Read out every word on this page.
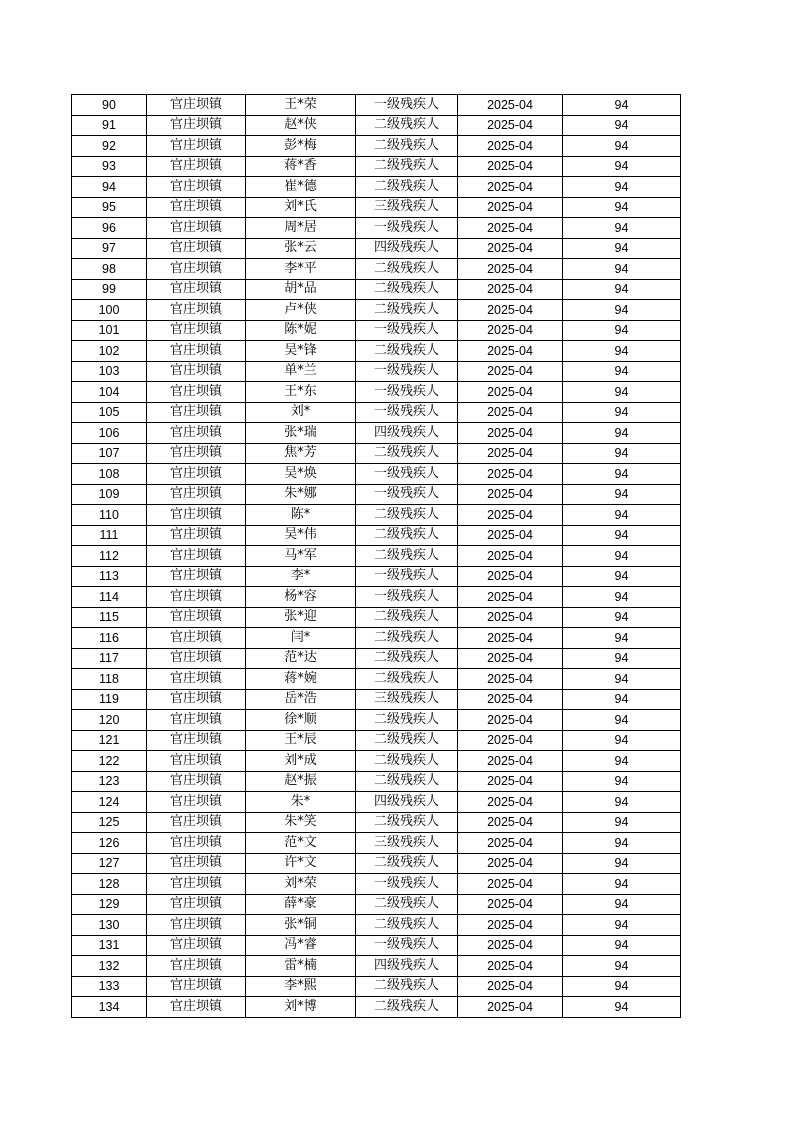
90	官庄坝镇	王*荣	一级残疾人	2025-04	94
91	官庄坝镇	赵*侠	二级残疾人	2025-04	94
92	官庄坝镇	彭*梅	二级残疾人	2025-04	94
93	官庄坝镇	蒋*香	二级残疾人	2025-04	94
94	官庄坝镇	崔*德	二级残疾人	2025-04	94
95	官庄坝镇	刘*氏	三级残疾人	2025-04	94
96	官庄坝镇	周*居	一级残疾人	2025-04	94
97	官庄坝镇	张*云	四级残疾人	2025-04	94
98	官庄坝镇	李*平	二级残疾人	2025-04	94
99	官庄坝镇	胡*品	二级残疾人	2025-04	94
100	官庄坝镇	卢*侠	二级残疾人	2025-04	94
101	官庄坝镇	陈*妮	一级残疾人	2025-04	94
102	官庄坝镇	吴*锋	二级残疾人	2025-04	94
103	官庄坝镇	单*兰	一级残疾人	2025-04	94
104	官庄坝镇	王*东	一级残疾人	2025-04	94
105	官庄坝镇	刘*	一级残疾人	2025-04	94
106	官庄坝镇	张*瑞	四级残疾人	2025-04	94
107	官庄坝镇	焦*芳	二级残疾人	2025-04	94
108	官庄坝镇	吴*焕	一级残疾人	2025-04	94
109	官庄坝镇	朱*娜	一级残疾人	2025-04	94
110	官庄坝镇	陈*	二级残疾人	2025-04	94
111	官庄坝镇	吴*伟	二级残疾人	2025-04	94
112	官庄坝镇	马*军	二级残疾人	2025-04	94
113	官庄坝镇	李*	一级残疾人	2025-04	94
114	官庄坝镇	杨*容	一级残疾人	2025-04	94
115	官庄坝镇	张*迎	二级残疾人	2025-04	94
116	官庄坝镇	闫*	二级残疾人	2025-04	94
117	官庄坝镇	范*达	二级残疾人	2025-04	94
118	官庄坝镇	蒋*婉	二级残疾人	2025-04	94
119	官庄坝镇	岳*浩	三级残疾人	2025-04	94
120	官庄坝镇	徐*顺	二级残疾人	2025-04	94
121	官庄坝镇	王*辰	二级残疾人	2025-04	94
122	官庄坝镇	刘*成	二级残疾人	2025-04	94
123	官庄坝镇	赵*振	二级残疾人	2025-04	94
124	官庄坝镇	朱*	四级残疾人	2025-04	94
125	官庄坝镇	朱*笑	二级残疾人	2025-04	94
126	官庄坝镇	范*文	三级残疾人	2025-04	94
127	官庄坝镇	许*文	二级残疾人	2025-04	94
128	官庄坝镇	刘*荣	一级残疾人	2025-04	94
129	官庄坝镇	薛*豪	二级残疾人	2025-04	94
130	官庄坝镇	张*铜	二级残疾人	2025-04	94
131	官庄坝镇	冯*睿	一级残疾人	2025-04	94
132	官庄坝镇	雷*楠	四级残疾人	2025-04	94
133	官庄坝镇	李*熙	二级残疾人	2025-04	94
134	官庄坝镇	刘*博	二级残疾人	2025-04	94
